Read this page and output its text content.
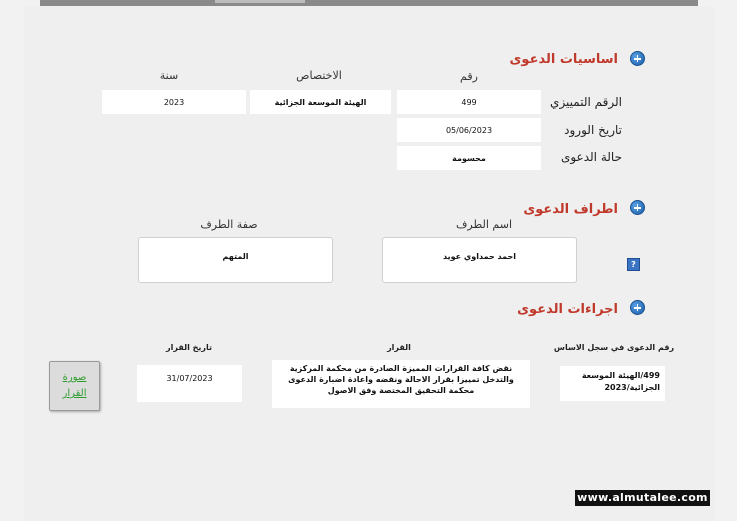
اساسيات الدعوى
رقم
الاختصاص
سنة
الرقم التمييزي
499
الهيئة الموسعة الجزائية
2023
تاريخ الورود
05/06/2023
حالة الدعوى
محسومة
اطراف الدعوى
اسم الطرف
صفة الطرف
احمد حمداوي عويد
المتهم
?
اجراءات الدعوى
رقم الدعوى في سجل الاساس
القرار
تاريخ القرار
499/الهيئة الموسعة الجزائية/2023
نقض كافة القرارات المميزة الصادرة من محكمة المركزية والتدخل تمييزا بقرار الاحالة ونقضه واعادة اضبارة الدعوى محكمة التحقيق المختصة وفق الاصول
31/07/2023
صورة القرار
www.almutalee.com
